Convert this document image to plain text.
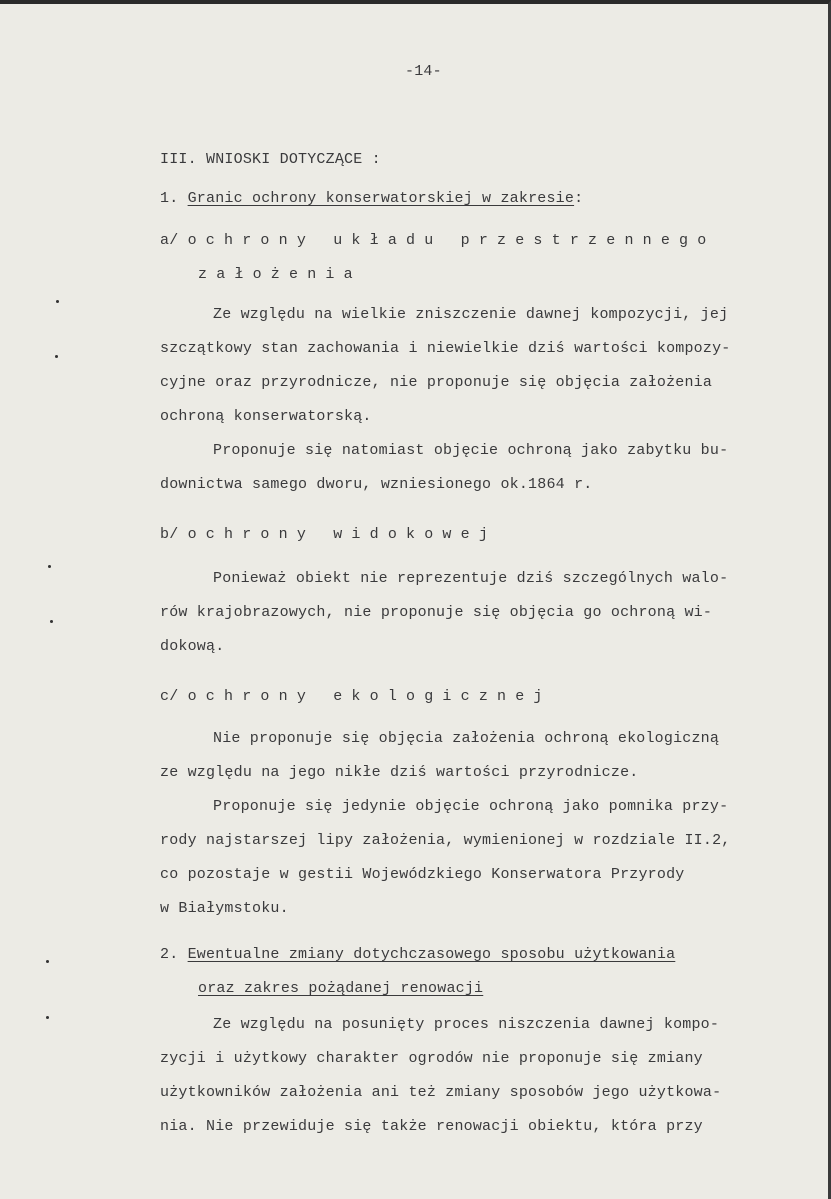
-14-
III. WNIOSKI DOTYCZĄCE :
1. Granic ochrony konserwatorskiej w zakresie:
a/ ochrony układu przestrzennego
założenia
Ze względu na wielkie zniszczenie dawnej kompozycji, jej
szczątkowy stan zachowania i niewielkie dziś wartości kompozy-
cyjne oraz przyrodnicze, nie proponuje się objęcia założenia
ochroną konserwatorską.
Proponuje się natomiast objęcie ochroną jako zabytku bu-
downictwa samego dworu, wzniesionego ok.1864 r.
b/ ochrony widokowej
Ponieważ obiekt nie reprezentuje dziś szczególnych walo-
rów krajobrazowych, nie proponuje się objęcia go ochroną wi-
dokową.
c/ ochrony ekologicznej
Nie proponuje się objęcia założenia ochroną ekologiczną
ze względu na jego nikłe dziś wartości przyrodnicze.
Proponuje się jedynie objęcie ochroną jako pomnika przy-
rody najstarszej lipy założenia, wymienionej w rozdziale II.2,
co pozostaje w gestii Wojewódzkiego Konserwatora Przyrody
w Białymstoku.
2. Ewentualne zmiany dotychczasowego sposobu użytkowania
oraz zakres pożądanej renowacji
Ze względu na posunięty proces niszczenia dawnej kompo-
zycji i użytkowy charakter ogrodów nie proponuje się zmiany
użytkowników założenia ani też zmiany sposobów jego użytkowa-
nia. Nie przewiduje się także renowacji obiektu, która przy
